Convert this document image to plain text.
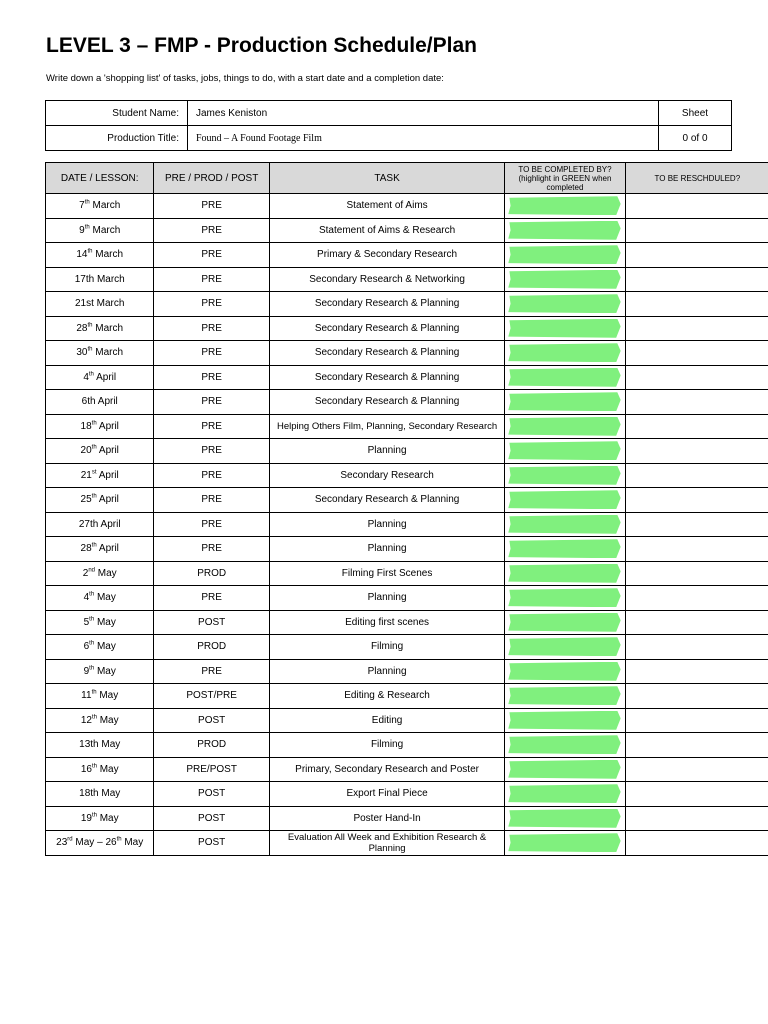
LEVEL 3 – FMP - Production Schedule/Plan
Write down a 'shopping list' of tasks, jobs, things to do, with a start date and a completion date:
Student Name:	James Keniston	Sheet
Production Title:	Found – A Found Footage Film	0 of 0
DATE / LESSON:	PRE / PROD / POST	TASK	TO BE COMPLETED BY? (highlight in GREEN when completed	TO BE RESCHDULED?
7th March	PRE	Statement of Aims	

9th March	PRE	Statement of Aims & Research	

14th March	PRE	Primary & Secondary Research	

17th March	PRE	Secondary Research & Networking	

21st March	PRE	Secondary Research & Planning	

28th March	PRE	Secondary Research & Planning	

30th March	PRE	Secondary Research & Planning	

4th April	PRE	Secondary Research & Planning	

6th April	PRE	Secondary Research & Planning	

18th April	PRE	Helping Others Film, Planning, Secondary Research	

20th April	PRE	Planning	

21st April	PRE	Secondary Research	

25th April	PRE	Secondary Research & Planning	

27th April	PRE	Planning	

28th April	PRE	Planning	

2nd May	PROD	Filming First Scenes	

4th May	PRE	Planning	

5th May	POST	Editing first scenes	

6th May	PROD	Filming	

9th May	PRE	Planning	

11th May	POST/PRE	Editing & Research	

12th May	POST	Editing	

13th May	PROD	Filming	

16th May	PRE/POST	Primary, Secondary Research and Poster	

18th May	POST	Export Final Piece	

19th May	POST	Poster Hand-In	

23rd May – 26th May	POST	Evaluation All Week and Exhibition Research & Planning	
